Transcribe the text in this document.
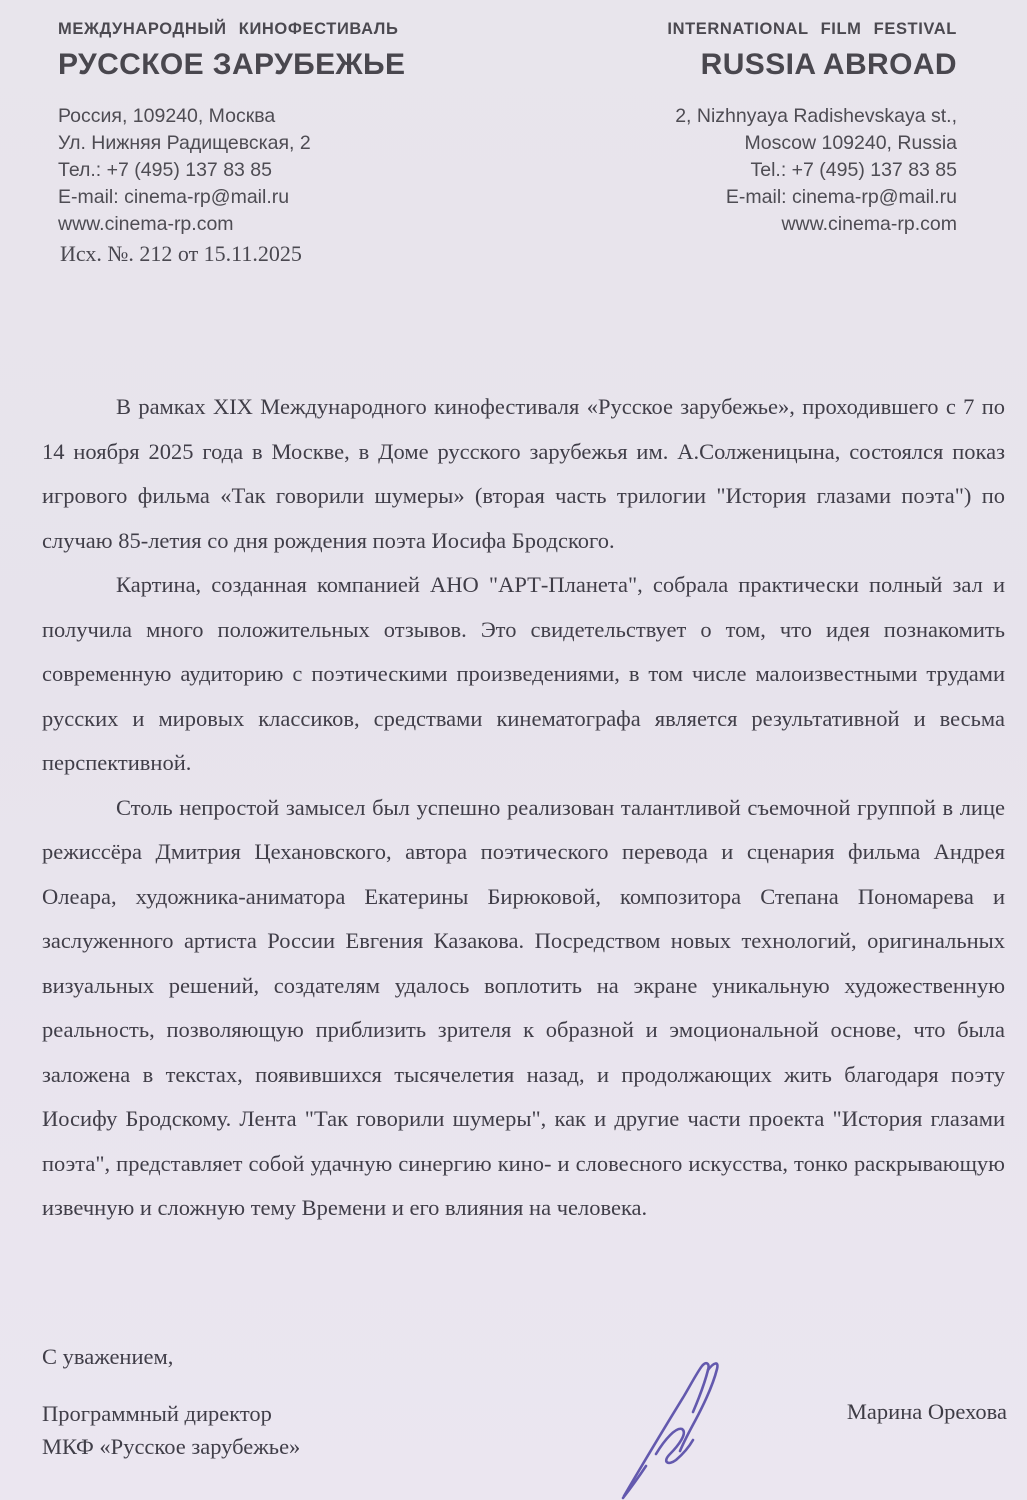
МЕЖДУНАРОДНЫЙ КИНОФЕСТИВАЛЬ
РУССКОЕ ЗАРУБЕЖЬЕ
Россия, 109240, Москва
Ул. Нижняя Радищевская, 2
Тел.: +7 (495) 137 83 85
E-mail: cinema-rp@mail.ru
www.cinema-rp.com
INTERNATIONAL FILM FESTIVAL
RUSSIA ABROAD
2, Nizhnyaya Radishevskaya st.,
Moscow 109240, Russia
Tel.: +7 (495) 137 83 85
E-mail: cinema-rp@mail.ru
www.cinema-rp.com
Исх. №. 212 от 15.11.2025

В рамках XIX Международного кинофестиваля «Русское зарубежье», проходившего с 7 по 14 ноября 2025 года в Москве, в Доме русского зарубежья им. А.Солженицына, состоялся показ игрового фильма «Так говорили шумеры» (вторая часть трилогии "История глазами поэта") по случаю 85-летия со дня рождения поэта Иосифа Бродского.

Картина, созданная компанией АНО "АРТ-Планета", собрала практически полный зал и получила много положительных отзывов. Это свидетельствует о том, что идея познакомить современную аудиторию с поэтическими произведениями, в том числе малоизвестными трудами русских и мировых классиков, средствами кинематографа является результативной и весьма перспективной.

Столь непростой замысел был успешно реализован талантливой съемочной группой в лице режиссёра Дмитрия Цехановского, автора поэтического перевода и сценария фильма Андрея Олеара, художника-аниматора Екатерины Бирюковой, композитора Степана Пономарева и заслуженного артиста России Евгения Казакова. Посредством новых технологий, оригинальных визуальных решений, создателям удалось воплотить на экране уникальную художественную реальность, позволяющую приблизить зрителя к образной и эмоциональной основе, что была заложена в текстах, появившихся тысячелетия назад, и продолжающих жить благодаря поэту Иосифу Бродскому. Лента "Так говорили шумеры", как и другие части проекта "История глазами поэта", представляет собой удачную синергию кино- и словесного искусства, тонко раскрывающую извечную и сложную тему Времени и его влияния на человека.

С уважением,
Программный директор
МКФ «Русское зарубежье»
Марина Орехова
